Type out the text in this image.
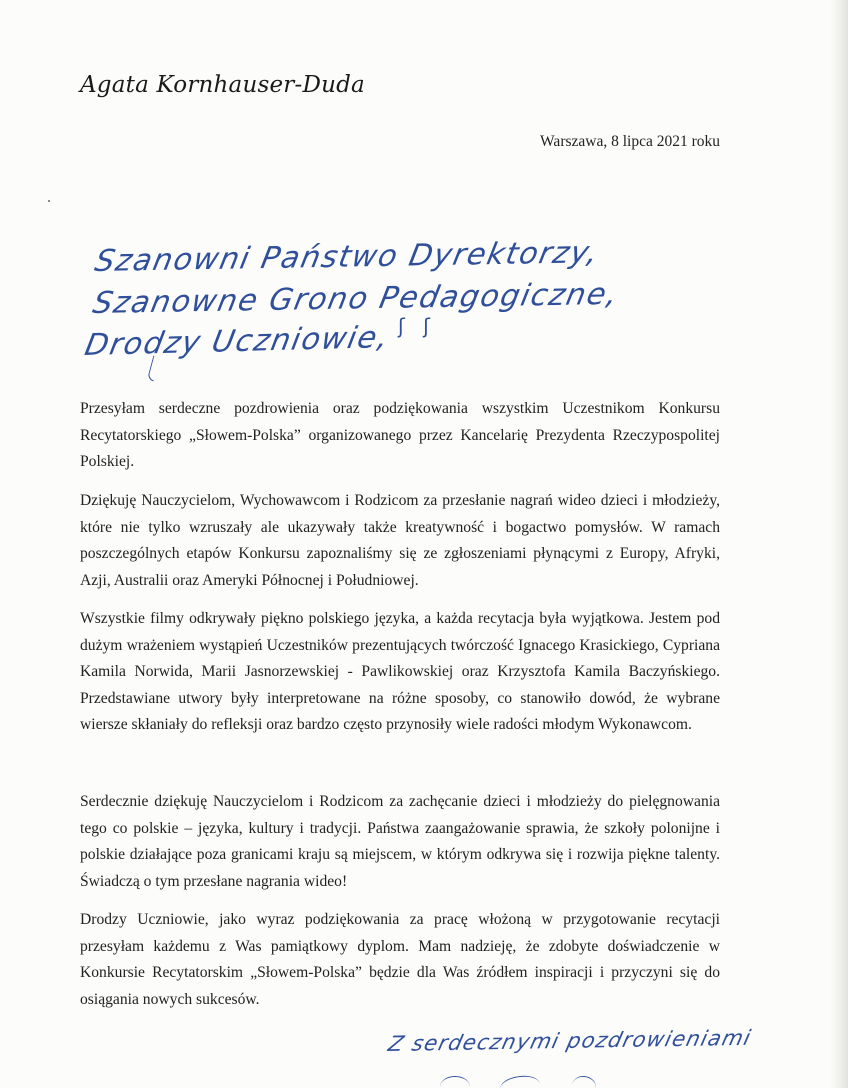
Agata Kornhauser-Duda
Warszawa, 8 lipca 2021 roku
Szanowni Państwo Dyrektorzy,
Szanowne Grono Pedagogiczne,
Drodzy Uczniowie, ʃ ʃ

Przesyłam serdeczne pozdrowienia oraz podziękowania wszystkim Uczestnikom Konkursu Recytatorskiego „Słowem-Polska” organizowanego przez Kancelarię Prezydenta Rzeczypospolitej Polskiej.

Dziękuję Nauczycielom, Wychowawcom i Rodzicom za przesłanie nagrań wideo dzieci i młodzieży, które nie tylko wzruszały ale ukazywały także kreatywność i bogactwo pomysłów. W ramach poszczególnych etapów Konkursu zapoznaliśmy się ze zgłoszeniami płynącymi z Europy, Afryki, Azji, Australii oraz Ameryki Północnej i Południowej.

Wszystkie filmy odkrywały piękno polskiego języka, a każda recytacja była wyjątkowa. Jestem pod dużym wrażeniem wystąpień Uczestników prezentujących twórczość Ignacego Krasickiego, Cypriana Kamila Norwida, Marii Jasnorzewskiej - Pawlikowskiej oraz Krzysztofa Kamila Baczyńskiego. Przedstawiane utwory były interpretowane na różne sposoby, co stanowiło dowód, że wybrane wiersze skłaniały do refleksji oraz bardzo często przynosiły wiele radości młodym Wykonawcom.

Serdecznie dziękuję Nauczycielom i Rodzicom za zachęcanie dzieci i młodzieży do pielęgnowania tego co polskie – języka, kultury i tradycji. Państwa zaangażowanie sprawia, że szkoły polonijne i polskie działające poza granicami kraju są miejscem, w którym odkrywa się i rozwija piękne talenty. Świadczą o tym przesłane nagrania wideo!

Drodzy Uczniowie, jako wyraz podziękowania za pracę włożoną w przygotowanie recytacji przesyłam każdemu z Was pamiątkowy dyplom. Mam nadzieję, że zdobyte doświadczenie w Konkursie Recytatorskim „Słowem-Polska” będzie dla Was źródłem inspiracji i przyczyni się do osiągania nowych sukcesów.

Z serdecznymi pozdrowieniami
